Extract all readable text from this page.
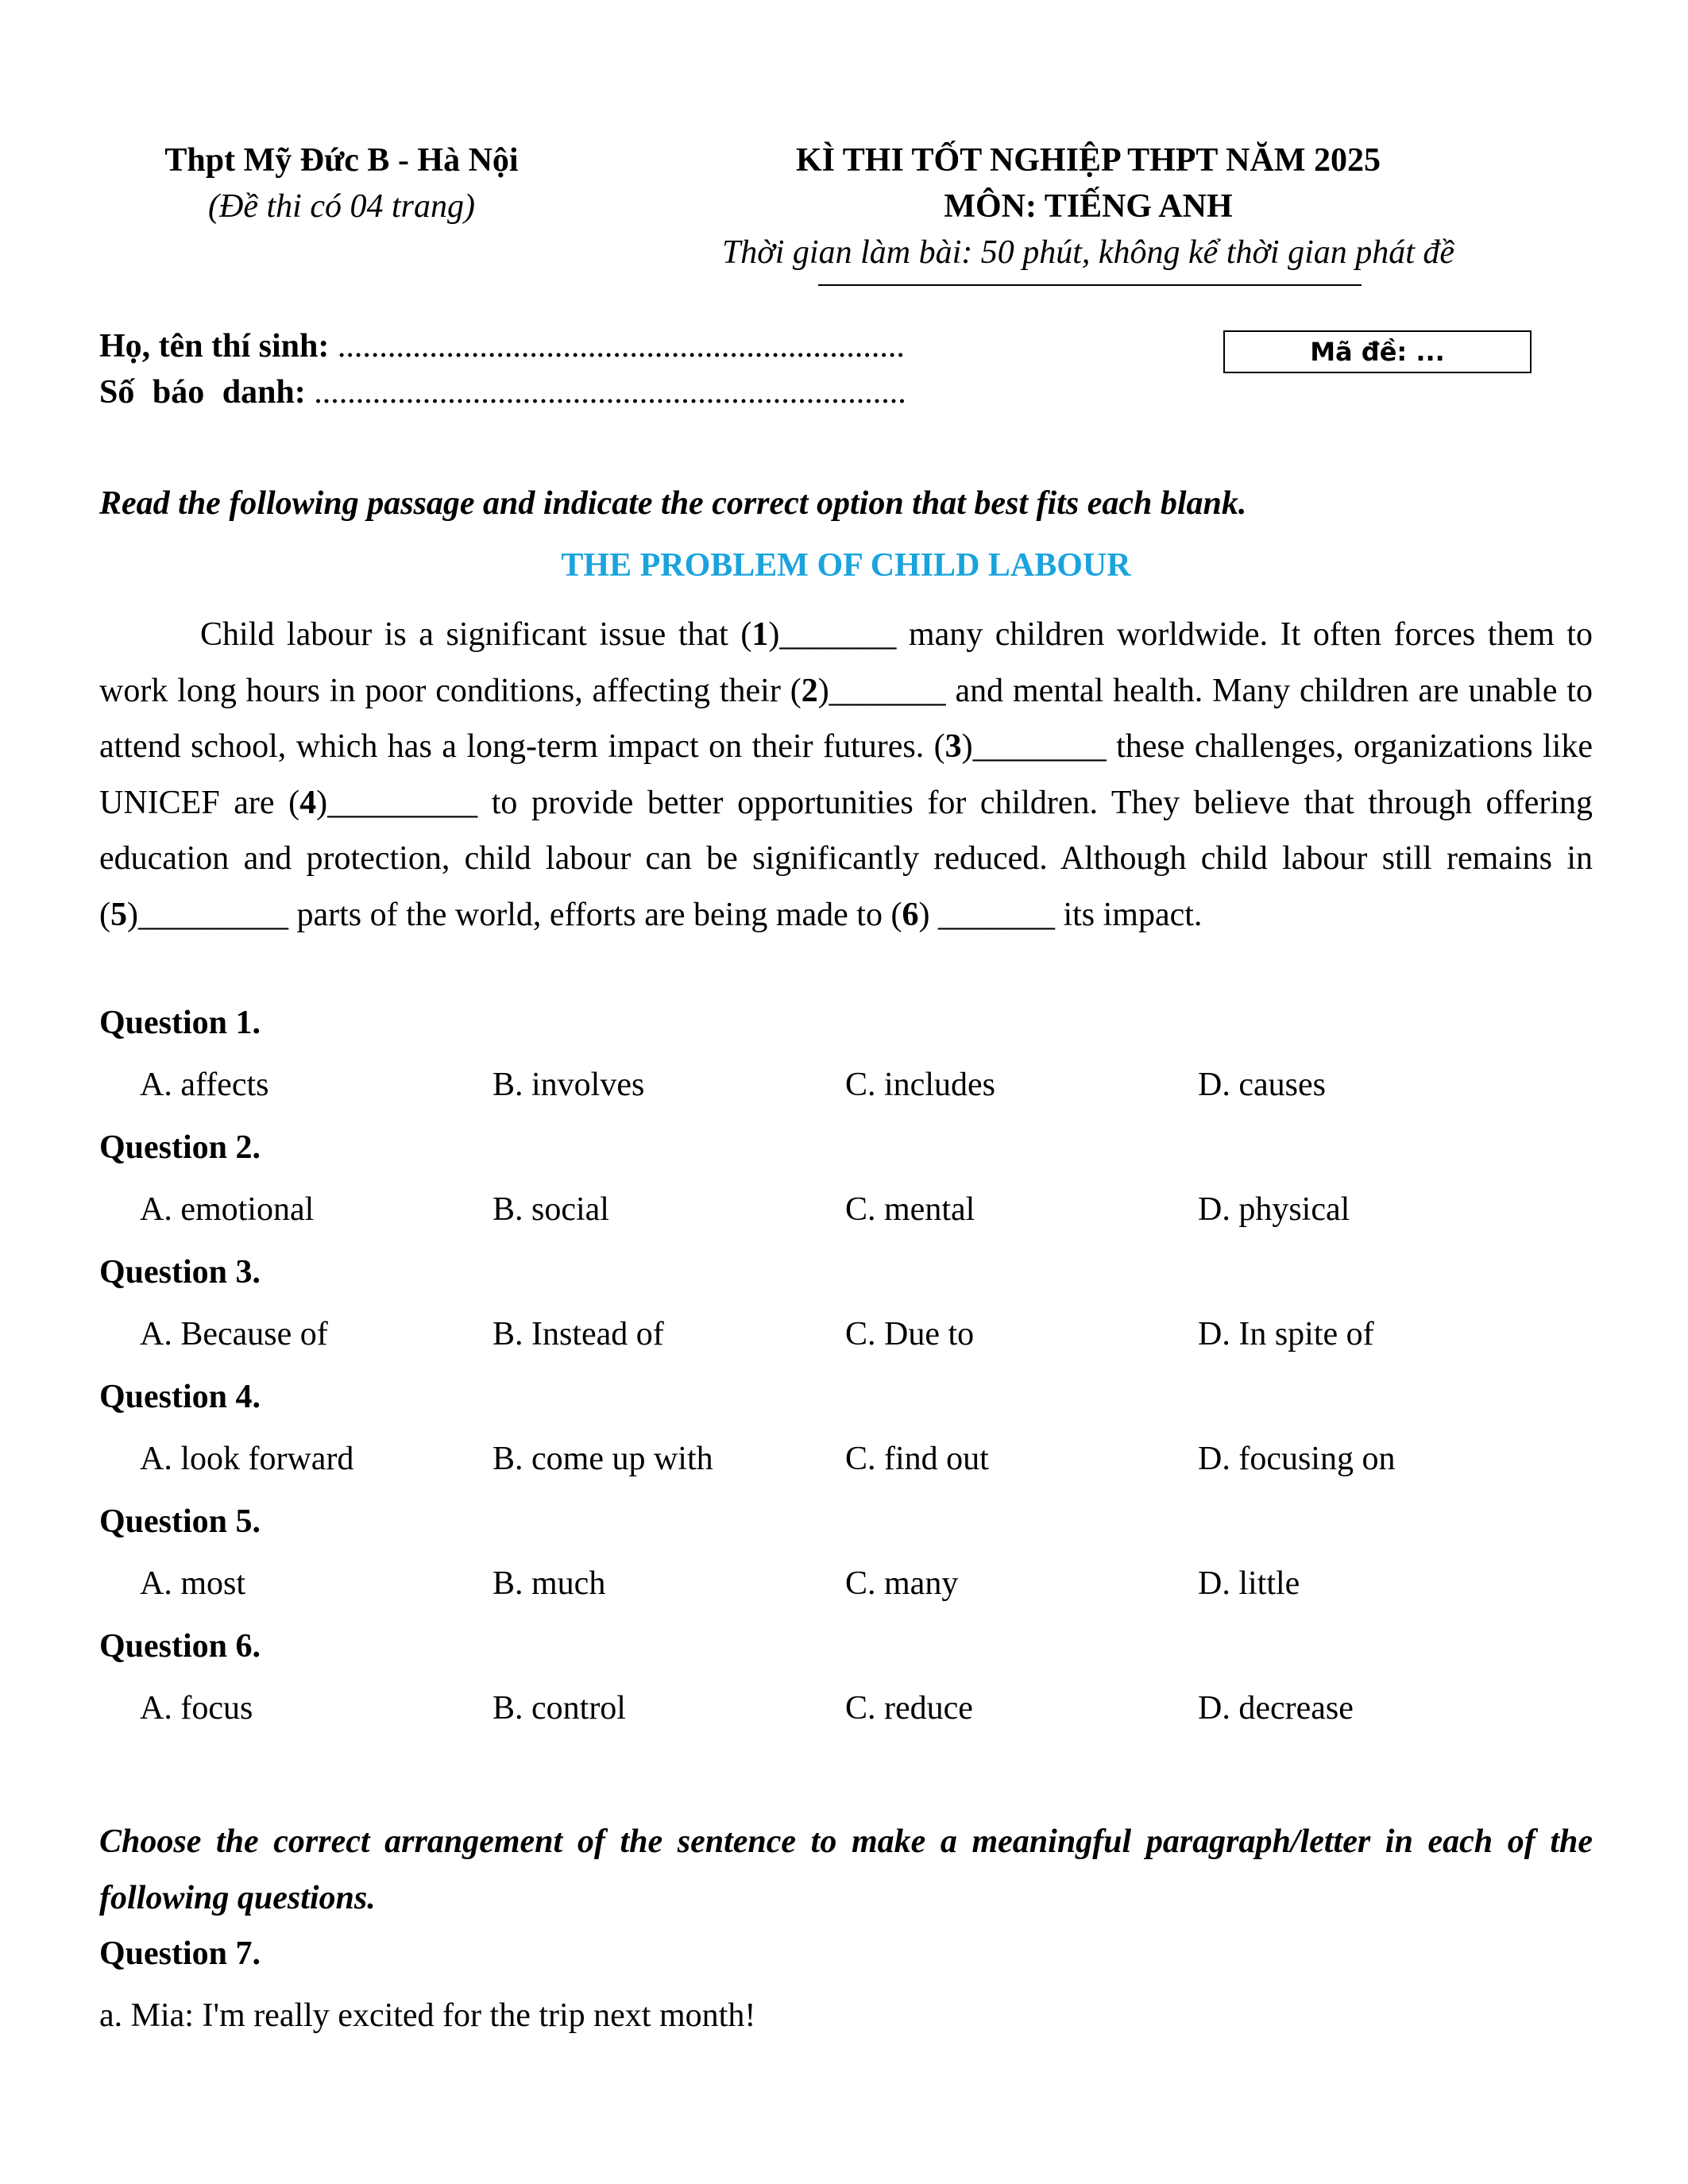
Thpt Mỹ Đức B - Hà Nội
(Đề thi có 04 trang)
KÌ THI TỐT NGHIỆP THPT NĂM 2025
MÔN: TIẾNG ANH
Thời gian làm bài: 50 phút, không kể thời gian phát đề
Họ, tên thí sinh: ....................................................................
Số báo danh: .......................................................................
Mã đề: ...
Read the following passage and indicate the correct option that best fits each blank.
THE PROBLEM OF CHILD LABOUR
Child labour is a significant issue that (1)_______ many children worldwide. It often forces them to work long hours in poor conditions, affecting their (2)_______ and mental health. Many children are unable to attend school, which has a long-term impact on their futures. (3)________ these challenges, organizations like UNICEF are (4)_________ to provide better opportunities for children. They believe that through offering education and protection, child labour can be significantly reduced. Although child labour still remains in (5)_________ parts of the world, efforts are being made to (6) _______ its impact.
Question 1.
A. affects	B. involves	C. includes	D. causes
Question 2.
A. emotional	B. social	C. mental	D. physical
Question 3.
A. Because of	B. Instead of	C. Due to	D. In spite of
Question 4.
A. look forward	B. come up with	C. find out	D. focusing on
Question 5.
A. most	B. much	C. many	D. little
Question 6.
A. focus	B. control	C. reduce	D. decrease
Choose the correct arrangement of the sentence to make a meaningful paragraph/letter in each of the following questions.
Question 7.
a. Mia: I'm really excited for the trip next month!
